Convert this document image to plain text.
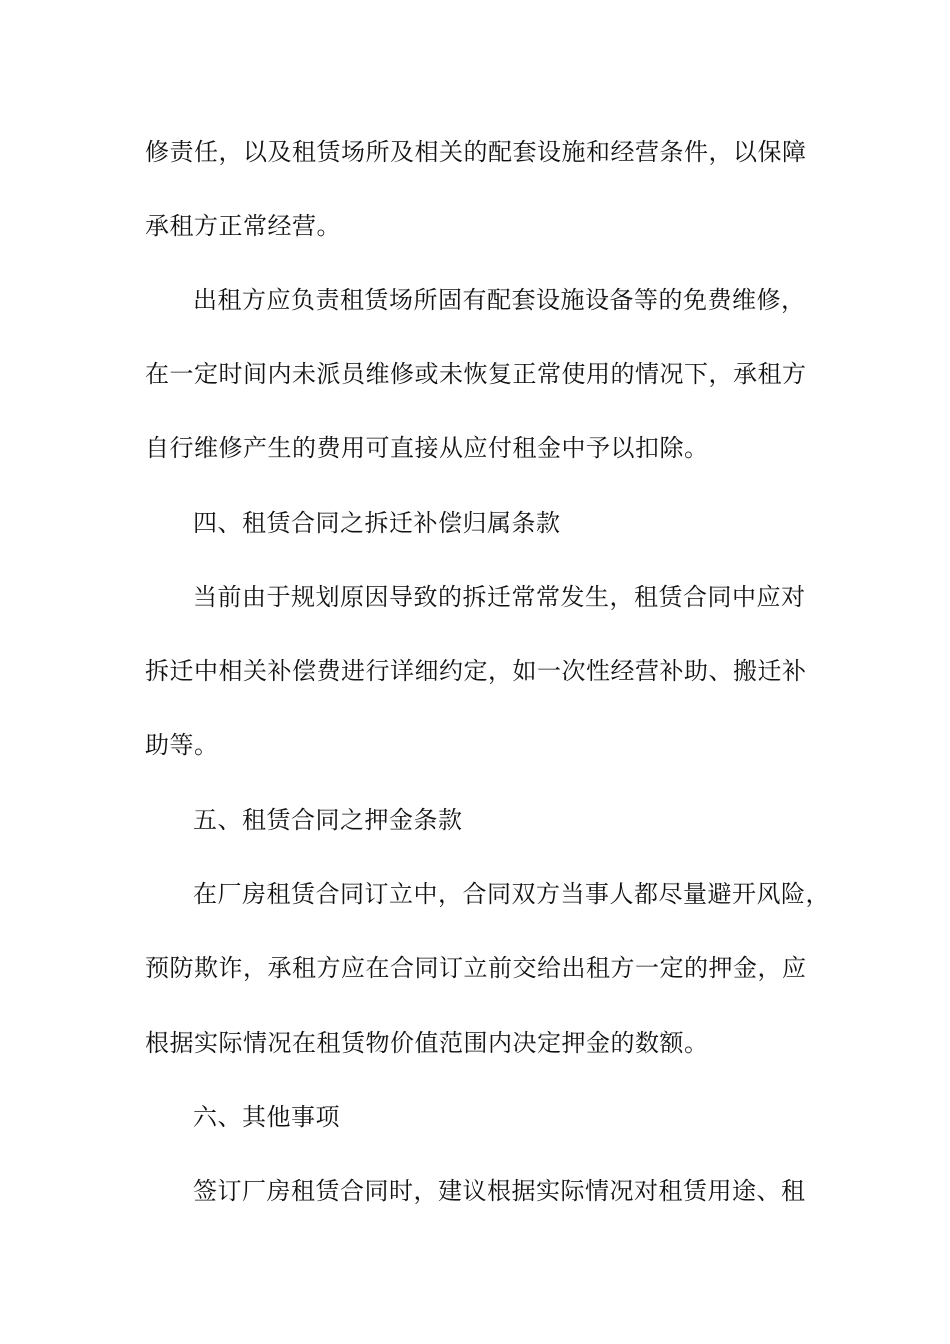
修责任，以及租赁场所及相关的配套设施和经营条件，以保障
承租方正常经营。
出租方应负责租赁场所固有配套设施设备等的免费维修，
在一定时间内未派员维修或未恢复正常使用的情况下，承租方
自行维修产生的费用可直接从应付租金中予以扣除。
四、租赁合同之拆迁补偿归属条款
当前由于规划原因导致的拆迁常常发生，租赁合同中应对
拆迁中相关补偿费进行详细约定，如一次性经营补助、搬迁补
助等。
五、租赁合同之押金条款
在厂房租赁合同订立中，合同双方当事人都尽量避开风险，
预防欺诈，承租方应在合同订立前交给出租方一定的押金，应
根据实际情况在租赁物价值范围内决定押金的数额。
六、其他事项
签订厂房租赁合同时，建议根据实际情况对租赁用途、租
